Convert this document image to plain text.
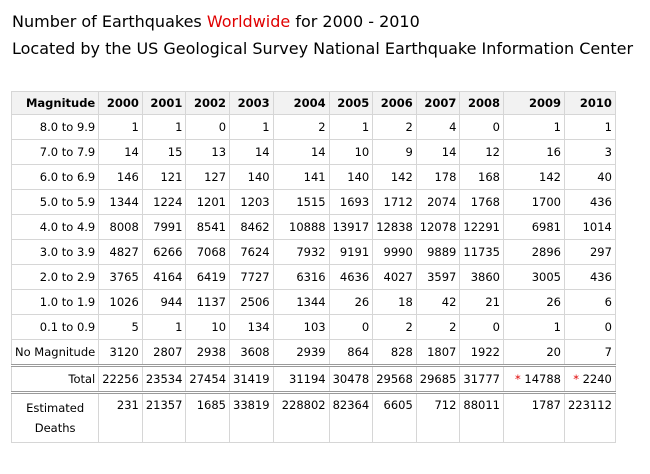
Number of Earthquakes Worldwide for 2000 - 2010
Located by the US Geological Survey National Earthquake Information Center
Magnitude	2000	2001	2002	2003	2004	2005	2006	2007	2008	2009	2010
8.0 to 9.9	1	1	0	1	2	1	2	4	0	1	1
7.0 to 7.9	14	15	13	14	14	10	9	14	12	16	3
6.0 to 6.9	146	121	127	140	141	140	142	178	168	142	40
5.0 to 5.9	1344	1224	1201	1203	1515	1693	1712	2074	1768	1700	436
4.0 to 4.9	8008	7991	8541	8462	10888	13917	12838	12078	12291	6981	1014
3.0 to 3.9	4827	6266	7068	7624	7932	9191	9990	9889	11735	2896	297
2.0 to 2.9	3765	4164	6419	7727	6316	4636	4027	3597	3860	3005	436
1.0 to 1.9	1026	944	1137	2506	1344	26	18	42	21	26	6
0.1 to 0.9	5	1	10	134	103	0	2	2	0	1	0
No Magnitude	3120	2807	2938	3608	2939	864	828	1807	1922	20	7
Total	22256	23534	27454	31419	31194	30478	29568	29685	31777	* 14788	* 2240

Estimated
Deaths	231	21357	1685	33819	228802	82364	6605	712	88011	1787	223112
